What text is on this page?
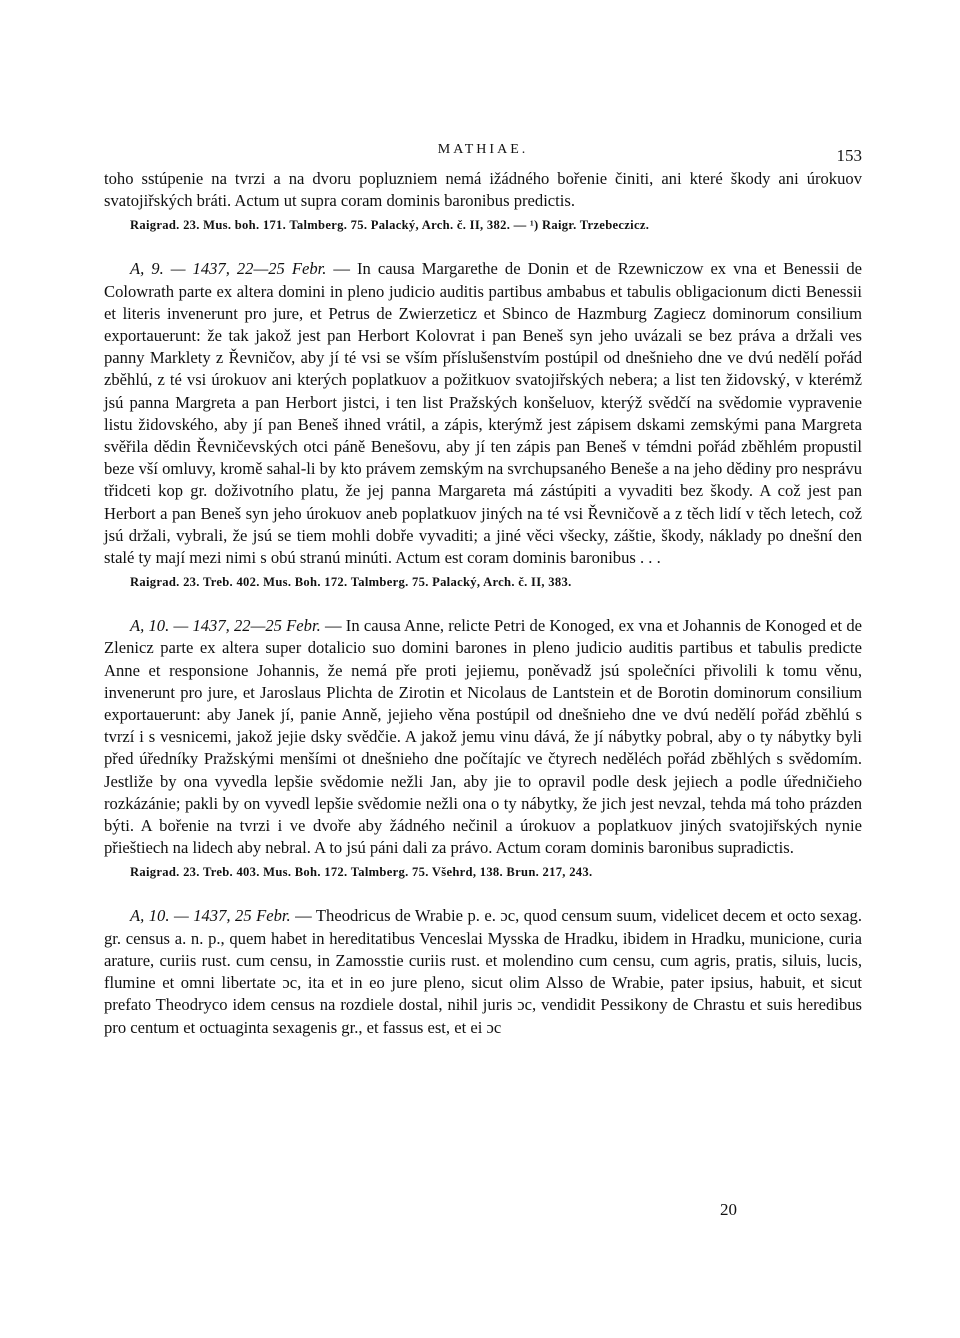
MATHIAE.	153

toho sstúpenie na tvrzi a na dvoru popluzniem nemá ižádného bořenie činiti, ani které škody ani úrokuov svatojiřských bráti. Actum ut supra coram dominis baronibus predictis.

Raigrad. 23. Mus. boh. 171. Talmberg. 75. Palacký, Arch. č. II, 382. — ¹) Raigr. Trzebeczicz.

A, 9. — 1437, 22—25 Febr. — In causa Margarethe de Donin et de Rzewniczow ex vna et Benessii de Colowrath parte ex altera domini in pleno judicio auditis partibus ambabus et tabulis obligacionum dicti Benessii et literis invenerunt pro jure, et Petrus de Zwierzeticz et Sbinco de Hazmburg Zagiecz dominorum consilium exportauerunt: že tak jakož jest pan Herbort Kolovrat i pan Beneš syn jeho uvázali se bez práva a držali ves panny Marklety z Řevničov, aby jí té vsi se vším příslušenstvím postúpil od dnešnieho dne ve dvú nedělí pořád zběhlú, z té vsi úrokuov ani kterých poplatkuov a požitkuov svatojiřských nebera; a list ten židovský, v kterémž jsú panna Margreta a pan Herbort jistci, i ten list Pražských konšeluov, kterýž svědčí na svědomie vypravenie listu židovského, aby jí pan Beneš ihned vrátil, a zápis, kterýmž jest zápisem dskami zemskými pana Margreta svěřila dědin Řevničevských otci páně Benešovu, aby jí ten zápis pan Beneš v témdni pořád zběhlém propustil beze vší omluvy, kromě sahal-li by kto právem zemským na svrchupsaného Beneše a na jeho dědiny pro nesprávu třidceti kop gr. doživotního platu, že jej panna Margareta má zástúpiti a vyvaditi bez škody. A což jest pan Herbort a pan Beneš syn jeho úrokuov aneb poplatkuov jiných na té vsi Řevničově a z těch lidí v těch letech, což jsú držali, vybrali, že jsú se tiem mohli dobře vyvaditi; a jiné věci všecky, záštie, škody, náklady po dnešní den stalé ty mají mezi nimi s obú stranú minúti. Actum est coram dominis baronibus . . .

Raigrad. 23. Treb. 402. Mus. Boh. 172. Talmberg. 75. Palacký, Arch. č. II, 383.

A, 10. — 1437, 22—25 Febr. — In causa Anne, relicte Petri de Konoged, ex vna et Johannis de Konoged et de Zlenicz parte ex altera super dotalicio suo domini barones in pleno judicio auditis partibus et tabulis predicte Anne et responsione Johannis, že nemá pře proti jejiemu, poněvadž jsú společníci přivolili k tomu věnu, invenerunt pro jure, et Jaroslaus Plichta de Zirotin et Nicolaus de Lantstein et de Borotin dominorum consilium exportauerunt: aby Janek jí, panie Anně, jejieho věna postúpil od dnešnieho dne ve dvú nedělí pořád zběhlú s tvrzí i s vesnicemi, jakož jejie dsky svědčie. A jakož jemu vinu dává, že jí nábytky pobral, aby o ty nábytky byli před úředníky Pražskými menšími ot dnešnieho dne počítajíc ve čtyrech neděléch pořád zběhlých s svědomím. Jestliže by ona vyvedla lepšie svědomie nežli Jan, aby jie to opravil podle desk jejiech a podle úředničieho rozkázánie; pakli by on vyvedl lepšie svědomie nežli ona o ty nábytky, že jich jest nevzal, tehda má toho prázden býti. A bořenie na tvrzi i ve dvoře aby žádného nečinil a úrokuov a poplatkuov jiných svatojiřských nynie přieštiech na lidech aby nebral. A to jsú páni dali za právo. Actum coram dominis baronibus supradictis.

Raigrad. 23. Treb. 403. Mus. Boh. 172. Talmberg. 75. Všehrd, 138. Brun. 217, 243.

A, 10. — 1437, 25 Febr. — Theodricus de Wrabie p. e. ɔc, quod censum suum, videlicet decem et octo sexag. gr. census a. n. p., quem habet in hereditatibus Venceslai Mysska de Hradku, ibidem in Hradku, municione, curia arature, curiis rust. cum censu, in Zamosstie curiis rust. et molendino cum censu, cum agris, pratis, siluis, lucis, flumine et omni libertate ɔc, ita et in eo jure pleno, sicut olim Alsso de Wrabie, pater ipsius, habuit, et sicut prefato Theodryco idem census na rozdiele dostal, nihil juris ɔc, vendidit Pessikony de Chrastu et suis heredibus pro centum et octuaginta sexagenis gr., et fassus est, et ei ɔc

20
